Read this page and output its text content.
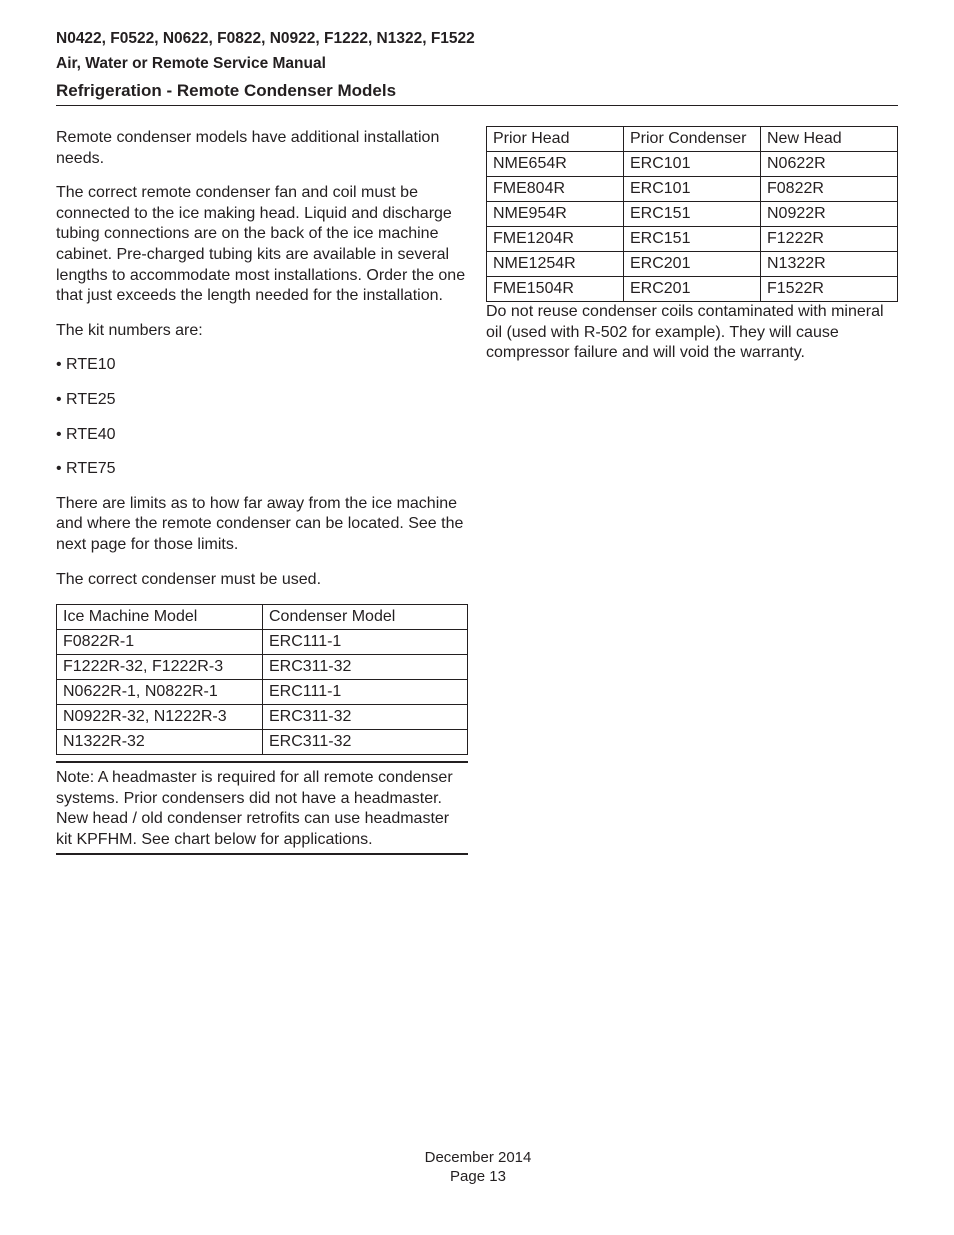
N0422, F0522, N0622, F0822, N0922, F1222, N1322, F1522
Air, Water or Remote Service Manual
Refrigeration - Remote Condenser Models

Remote condenser models have additional installation needs.

The correct remote condenser fan and coil must be connected to the ice making head. Liquid and discharge tubing connections are on the back of the ice machine cabinet. Pre-charged tubing kits are available in several lengths to accommodate most installations. Order the one that just exceeds the length needed for the installation.

The kit numbers are:

• RTE10

• RTE25

• RTE40

• RTE75

There are limits as to how far away from the ice machine and where the remote condenser can be located. See the next page for those limits.

The correct condenser must be used.

Ice Machine Model	Condenser Model
F0822R-1	ERC111-1
F1222R-32, F1222R-3	ERC311-32
N0622R-1, N0822R-1	ERC111-1
N0922R-32, N1222R-3	ERC311-32
N1322R-32	ERC311-32
Note: A headmaster is required for all remote condenser systems. Prior condensers did not have a headmaster. New head / old condenser retrofits can use headmaster kit KPFHM. See chart below for applications.
Prior Head	Prior Condenser	New Head
NME654R	ERC101	N0622R
FME804R	ERC101	F0822R
NME954R	ERC151	N0922R
FME1204R	ERC151	F1222R
NME1254R	ERC201	N1322R
FME1504R	ERC201	F1522R

Do not reuse condenser coils contaminated with mineral oil (used with R-502 for example). They will cause compressor failure and will void the warranty.

December 2014
Page 13
